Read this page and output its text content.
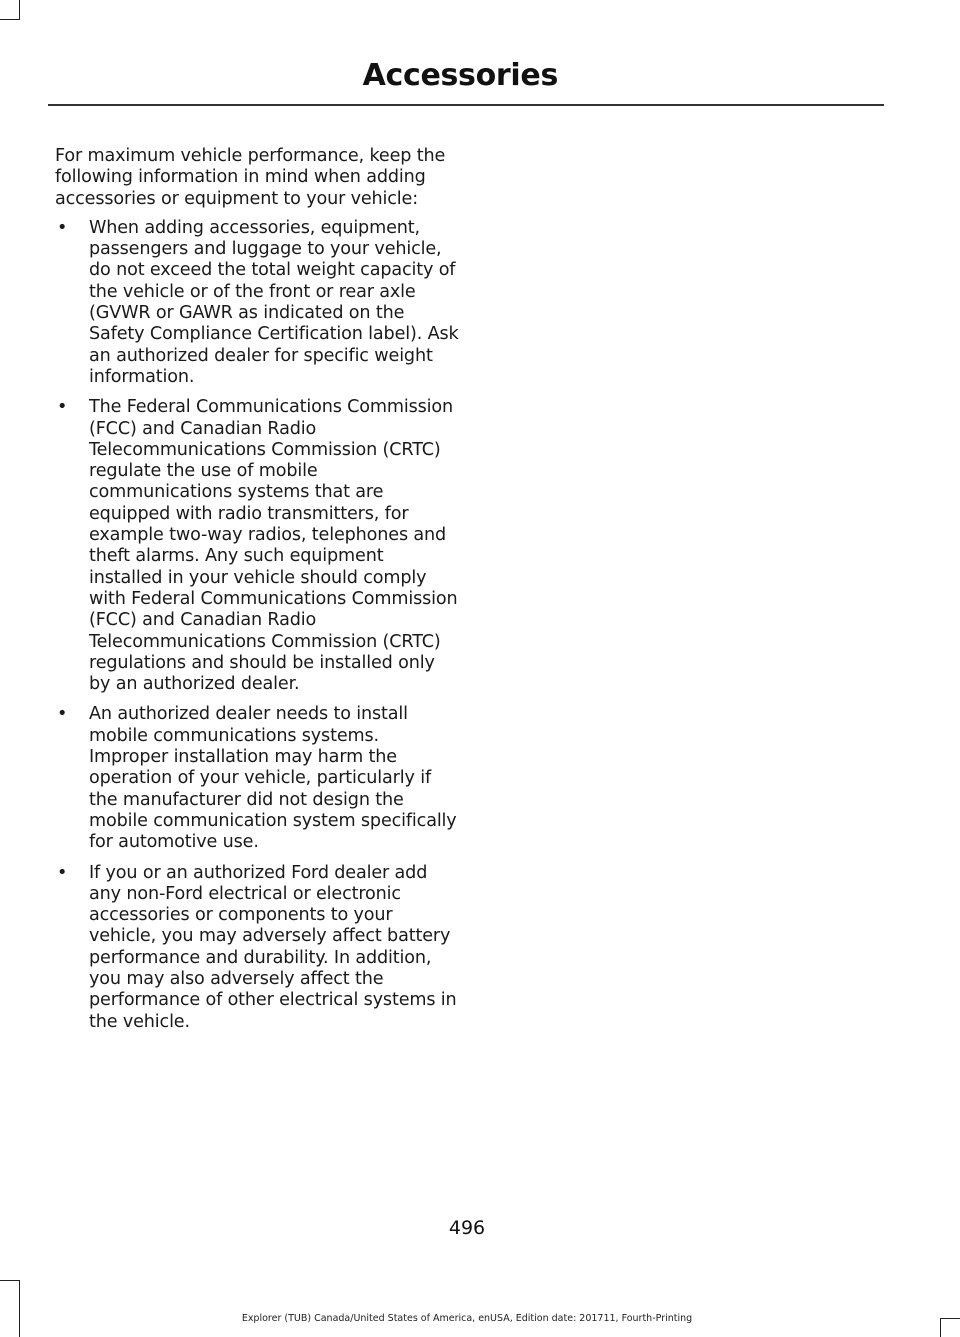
Accessories

For maximum vehicle performance, keep the following information in mind when adding accessories or equipment to your vehicle:

• When adding accessories, equipment, passengers and luggage to your vehicle, do not exceed the total weight capacity of the vehicle or of the front or rear axle (GVWR or GAWR as indicated on the Safety Compliance Certification label). Ask an authorized dealer for specific weight information.
• The Federal Communications Commission (FCC) and Canadian Radio Telecommunications Commission (CRTC) regulate the use of mobile communications systems that are equipped with radio transmitters, for example two-way radios, telephones and theft alarms. Any such equipment installed in your vehicle should comply with Federal Communications Commission (FCC) and Canadian Radio Telecommunications Commission (CRTC) regulations and should be installed only by an authorized dealer.
• An authorized dealer needs to install mobile communications systems. Improper installation may harm the operation of your vehicle, particularly if the manufacturer did not design the mobile communication system specifically for automotive use.
• If you or an authorized Ford dealer add any non-Ford electrical or electronic accessories or components to your vehicle, you may adversely affect battery performance and durability. In addition, you may also adversely affect the performance of other electrical systems in the vehicle.
496
Explorer (TUB) Canada/United States of America, enUSA, Edition date: 201711, Fourth-Printing
